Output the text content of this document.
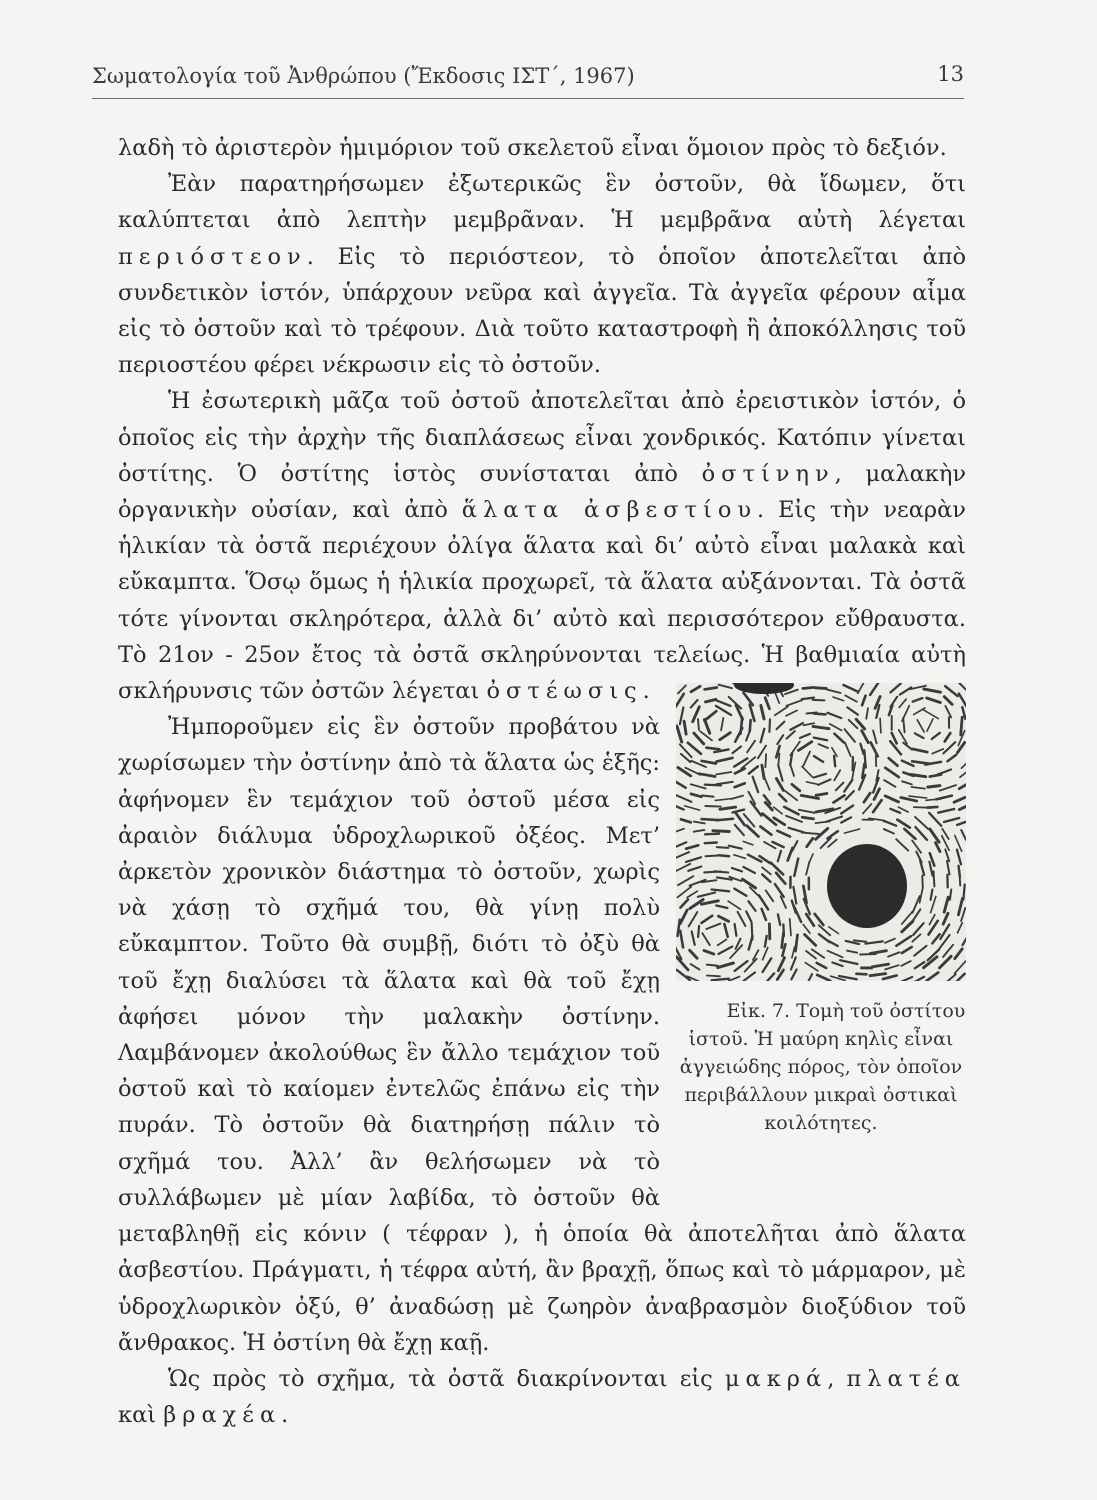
Σωματολογία τοῦ Ἀνθρώπου (Ἔκδοσις ΙΣΤ΄, 1967)	13

λαδὴ τὸ ἀριστερὸν ἡμιμόριον τοῦ σκελετοῦ εἶναι ὅμοιον πρὸς τὸ δεξιόν.

Ἐὰν παρατηρήσωμεν ἐξωτερικῶς ἓν ὀστοῦν, θὰ ἴδωμεν, ὅτι καλύπτεται ἀπὸ λεπτὴν μεμβρᾶναν. Ἡ μεμβρᾶνα αὐτὴ λέγεται περιόστεον. Εἰς τὸ περιόστεον, τὸ ὁποῖον ἀποτελεῖται ἀπὸ συνδετικὸν ἱστόν, ὑπάρχουν νεῦρα καὶ ἀγγεῖα. Τὰ ἀγγεῖα φέρουν αἷμα εἰς τὸ ὀστοῦν καὶ τὸ τρέφουν. Διὰ τοῦτο καταστροφὴ ἢ ἀποκόλλησις τοῦ περιοστέου φέρει νέκρωσιν εἰς τὸ ὀστοῦν.

Ἡ ἐσωτερικὴ μᾶζα τοῦ ὀστοῦ ἀποτελεῖται ἀπὸ ἐρειστικὸν ἱστόν, ὁ ὁποῖος εἰς τὴν ἀρχὴν τῆς διαπλάσεως εἶναι χονδρικός. Κατόπιν γίνεται ὀστίτης. Ὁ ὀστίτης ἱστὸς συνίσταται ἀπὸ ὀστίνην, μαλακὴν ὀργανικὴν οὐσίαν, καὶ ἀπὸ ἅλατα ἀσβεστίου. Εἰς τὴν νεαρὰν ἡλικίαν τὰ ὀστᾶ περιέχουν ὀλίγα ἅλατα καὶ δι’ αὐτὸ εἶναι μαλακὰ καὶ εὔκαμπτα. Ὅσῳ ὅμως ἡ ἡλικία προχωρεῖ, τὰ ἅλατα αὐξάνονται. Τὰ ὀστᾶ τότε γίνονται σκληρότερα, ἀλλὰ δι’ αὐτὸ καὶ περισσότερον εὔθραυστα. Τὸ 21ον - 25ον ἔτος τὰ ὀστᾶ σκληρύνονται τελείως. Ἡ βαθμιαία αὐτὴ σκλήρυνσις τῶν ὀστῶν λέγεται
Εἰκ. 7. Τομὴ τοῦ ὀστίτου ἱστοῦ. Ἡ μαύρη κηλὶς εἶναι ἀγγειώδης πόρος, τὸν ὁποῖον περιβάλλουν μικραὶ ὀστικαὶ κοιλότητες.
ὀστέωσις.

Ἠμποροῦμεν εἰς ἓν ὀστοῦν προβάτου νὰ χωρίσωμεν τὴν ὀστίνην ἀπὸ τὰ ἅλατα ὡς ἑξῆς: ἀφήνομεν ἓν τεμάχιον τοῦ ὀστοῦ μέσα εἰς ἀραιὸν διάλυμα ὑδροχλωρικοῦ ὀξέος. Μετ’ ἀρκετὸν χρονικὸν διάστημα τὸ ὀστοῦν, χωρὶς νὰ χάσῃ τὸ σχῆμά του, θὰ γίνῃ πολὺ εὔκαμπτον. Τοῦτο θὰ συμβῇ, διότι τὸ ὀξὺ θὰ τοῦ ἔχῃ διαλύσει τὰ ἅλατα καὶ θὰ τοῦ ἔχῃ ἀφήσει μόνον τὴν μαλακὴν ὀστίνην. Λαμβάνομεν ἀκολούθως ἓν ἄλλο τεμάχιον τοῦ ὀστοῦ καὶ τὸ καίομεν ἐντελῶς ἐπάνω εἰς τὴν πυράν. Τὸ ὀστοῦν θὰ διατηρήσῃ πάλιν τὸ σχῆμά του. Ἀλλ’ ἂν θελήσωμεν νὰ τὸ συλλάβωμεν μὲ μίαν λαβίδα, τὸ ὀστοῦν θὰ μεταβληθῇ εἰς κόνιν ( τέφραν ), ἡ ὁποία θὰ ἀποτελῆται ἀπὸ ἅλατα ἀσβεστίου. Πράγματι, ἡ τέφρα αὐτή, ἂν βραχῇ, ὅπως καὶ τὸ μάρμαρον, μὲ ὑδροχλωρικὸν ὀξύ, θ’ ἀναδώσῃ μὲ ζωηρὸν ἀναβρασμὸν διοξύδιον τοῦ ἄνθρακος. Ἡ ὀστίνη θὰ ἔχῃ καῇ.

Ὡς πρὸς τὸ σχῆμα, τὰ ὀστᾶ διακρίνονται εἰς μακρά, πλατέα καὶ βραχέα.
